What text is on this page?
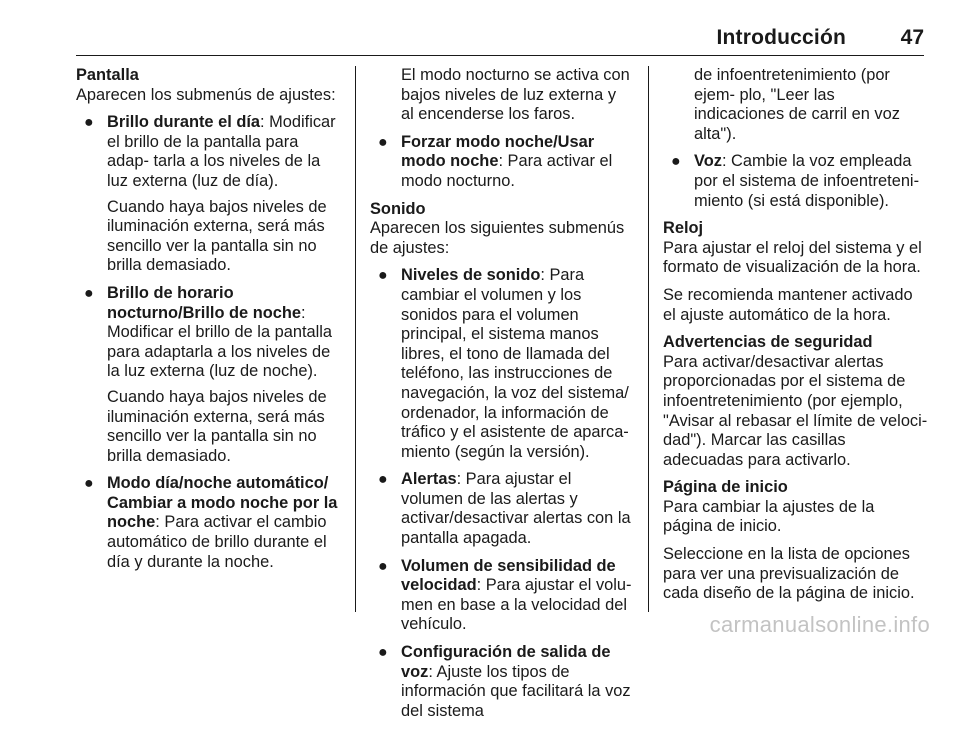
Introducción	47
Pantalla

Aparecen los submenús de ajustes:

● Brillo durante el día: Modificar el brillo de la pantalla para adap- tarla a los niveles de la luz externa (luz de día).
Cuando haya bajos niveles de iluminación externa, será más sencillo ver la pantalla sin no brilla demasiado.
● Brillo de horario nocturno/Brillo de noche: Modificar el brillo de la pantalla para adaptarla a los niveles de la luz externa (luz de noche).
Cuando haya bajos niveles de iluminación externa, será más sencillo ver la pantalla sin no brilla demasiado.
● Modo día/noche automático/ Cambiar a modo noche por la noche: Para activar el cambio automático de brillo durante el día y durante la noche.
El modo nocturno se activa con bajos niveles de luz externa y al encenderse los faros.
● Forzar modo noche/Usar modo noche: Para activar el modo nocturno.
Sonido

Aparecen los siguientes submenús de ajustes:

● Niveles de sonido: Para cambiar el volumen y los sonidos para el volumen principal, el sistema manos libres, el tono de llamada del teléfono, las instrucciones de navegación, la voz del sistema/ ordenador, la información de tráfico y el asistente de aparca- miento (según la versión).
● Alertas: Para ajustar el volumen de las alertas y activar/desactivar alertas con la pantalla apagada.
● Volumen de sensibilidad de velocidad: Para ajustar el volu- men en base a la velocidad del vehículo.
● Configuración de salida de voz: Ajuste los tipos de información que facilitará la voz del sistema
de infoentretenimiento (por ejem- plo, "Leer las indicaciones de carril en voz alta").
● Voz: Cambie la voz empleada por el sistema de infoentreteni- miento (si está disponible).
Reloj

Para ajustar el reloj del sistema y el formato de visualización de la hora.

Se recomienda mantener activado el ajuste automático de la hora.

Advertencias de seguridad

Para activar/desactivar alertas proporcionadas por el sistema de infoentretenimiento (por ejemplo, "Avisar al rebasar el límite de veloci- dad"). Marcar las casillas adecuadas para activarlo.

Página de inicio

Para cambiar la ajustes de la página de inicio.

Seleccione en la lista de opciones para ver una previsualización de cada diseño de la página de inicio.

carmanualsonline.info
